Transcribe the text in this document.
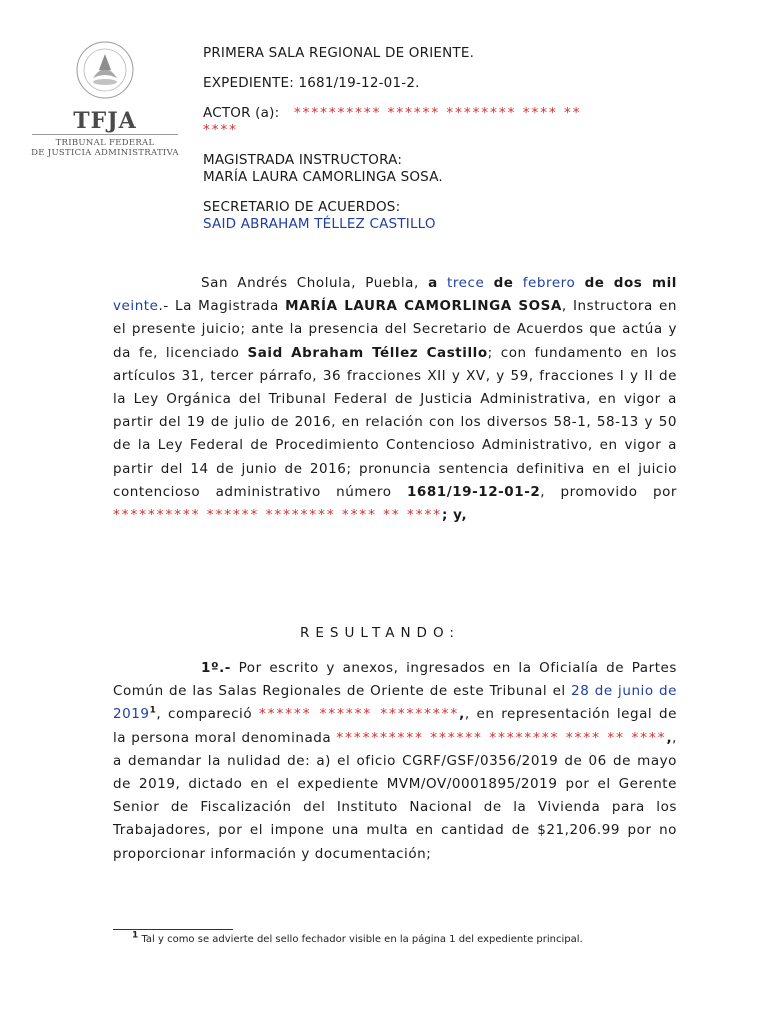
TFJA
TRIBUNAL FEDERAL
DE JUSTICIA ADMINISTRATIVA
PRIMERA SALA REGIONAL DE ORIENTE.
EXPEDIENTE: 1681/19-12-01-2.
ACTOR (a): ********** ****** ******** **** **
****
MAGISTRADA INSTRUCTORA:
MARÍA LAURA CAMORLINGA SOSA.
SECRETARIO DE ACUERDOS:
SAID ABRAHAM TÉLLEZ CASTILLO
San Andrés Cholula, Puebla, a trece de febrero de dos mil veinte.- La Magistrada MARÍA LAURA CAMORLINGA SOSA, Instructora en el presente juicio; ante la presencia del Secretario de Acuerdos que actúa y da fe, licenciado Said Abraham Téllez Castillo; con fundamento en los artículos 31, tercer párrafo, 36 fracciones XII y XV, y 59, fracciones I y II de la Ley Orgánica del Tribunal Federal de Justicia Administrativa, en vigor a partir del 19 de julio de 2016, en relación con los diversos 58-1, 58-13 y 50 de la Ley Federal de Procedimiento Contencioso Administrativo, en vigor a partir del 14 de junio de 2016; pronuncia sentencia definitiva en el juicio contencioso administrativo número 1681/19-12-01-2, promovido por ********** ****** ******** **** ** ****; y,
RESULTANDO:
1º.- Por escrito y anexos, ingresados en la Oficialía de Partes Común de las Salas Regionales de Oriente de este Tribunal el 28 de junio de 2019$^1$, compareció ****** ****** *********,, en representación legal de la persona moral denominada ********** ****** ******** **** ** ****,, a demandar la nulidad de: a) el oficio CGRF/GSF/0356/2019 de 06 de mayo de 2019, dictado en el expediente MVM/OV/0001895/2019 por el Gerente Senior de Fiscalización del Instituto Nacional de la Vivienda para los Trabajadores, por el impone una multa en cantidad de $21,206.99 por no proporcionar información y documentación;
$^1$ Tal y como se advierte del sello fechador visible en la página 1 del expediente principal.
